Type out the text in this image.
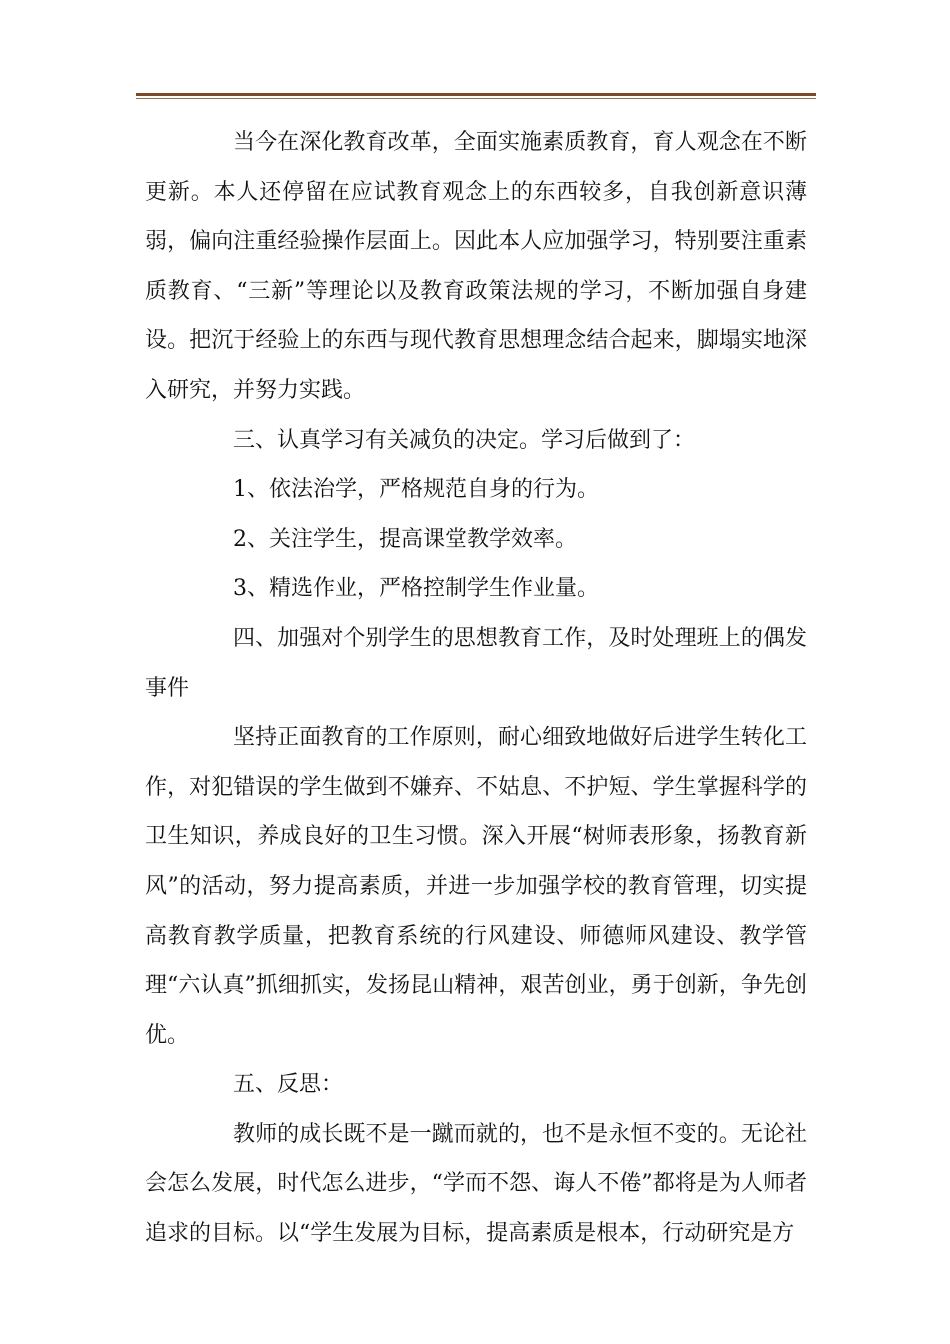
当今在深化教育改革，全面实施素质教育，育人观念在不断更新。本人还停留在应试教育观念上的东西较多，自我创新意识薄弱，偏向注重经验操作层面上。因此本人应加强学习，特别要注重素质教育、“三新”等理论以及教育政策法规的学习，不断加强自身建设。把沉于经验上的东西与现代教育思想理念结合起来，脚塌实地深入研究，并努力实践。

三、认真学习有关减负的决定。学习后做到了：

1、依法治学，严格规范自身的行为。

2、关注学生，提高课堂教学效率。

3、精选作业，严格控制学生作业量。

四、加强对个别学生的思想教育工作，及时处理班上的偶发事件

坚持正面教育的工作原则，耐心细致地做好后进学生转化工作，对犯错误的学生做到不嫌弃、不姑息、不护短、学生掌握科学的卫生知识，养成良好的卫生习惯。深入开展“树师表形象，扬教育新风”的活动，努力提高素质，并进一步加强学校的教育管理，切实提高教育教学质量，把教育系统的行风建设、师德师风建设、教学管理“六认真”抓细抓实，发扬昆山精神，艰苦创业，勇于创新，争先创优。

五、反思：

教师的成长既不是一蹴而就的，也不是永恒不变的。无论社会怎么发展，时代怎么进步，“学而不怨、诲人不倦”都将是为人师者追求的目标。以“学生发展为目标，提高素质是根本，行动研究是方
